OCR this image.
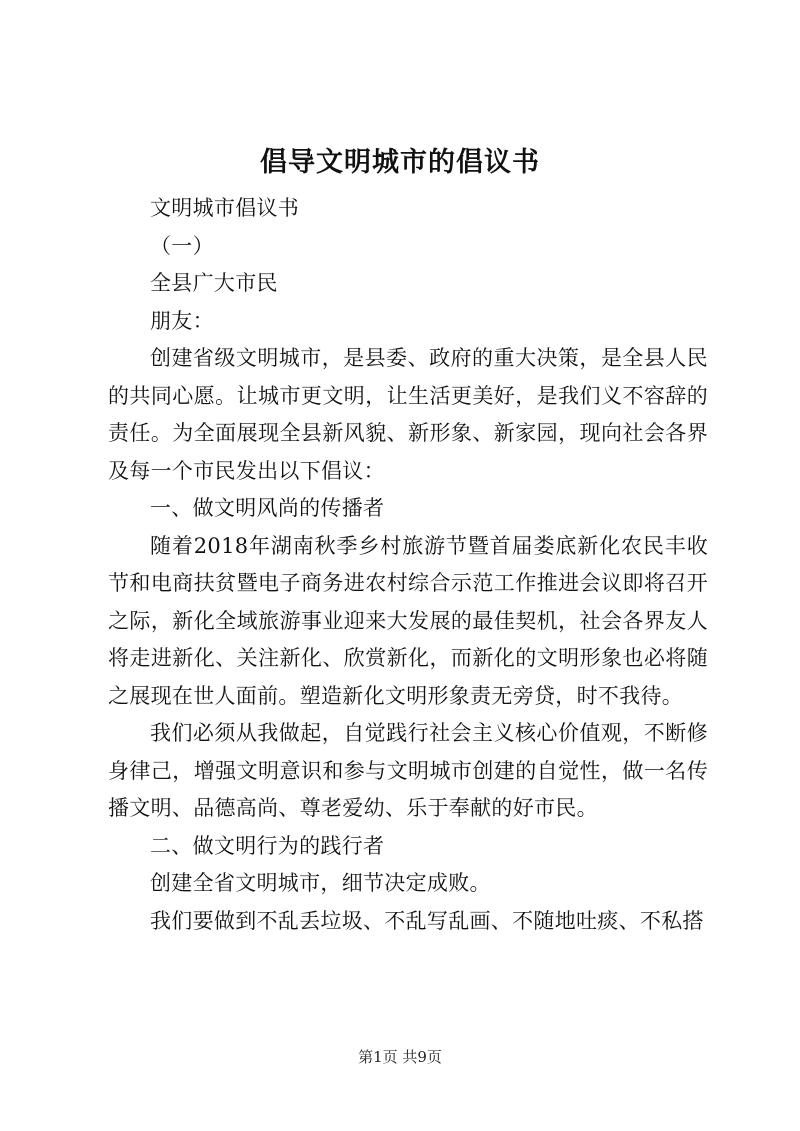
倡导文明城市的倡议书

文明城市倡议书

（一）

全县广大市民

朋友：

创建省级文明城市，是县委、政府的重大决策，是全县人民的共同心愿。让城市更文明，让生活更美好，是我们义不容辞的责任。为全面展现全县新风貌、新形象、新家园，现向社会各界及每一个市民发出以下倡议：

一、做文明风尚的传播者

随着2018年湖南秋季乡村旅游节暨首届娄底新化农民丰收节和电商扶贫暨电子商务进农村综合示范工作推进会议即将召开之际，新化全域旅游事业迎来大发展的最佳契机，社会各界友人将走进新化、关注新化、欣赏新化，而新化的文明形象也必将随之展现在世人面前。塑造新化文明形象责无旁贷，时不我待。

我们必须从我做起，自觉践行社会主义核心价值观，不断修身律己，增强文明意识和参与文明城市创建的自觉性，做一名传播文明、品德高尚、尊老爱幼、乐于奉献的好市民。

二、做文明行为的践行者

创建全省文明城市，细节决定成败。

我们要做到不乱丢垃圾、不乱写乱画、不随地吐痰、不私搭

第1页 共9页
